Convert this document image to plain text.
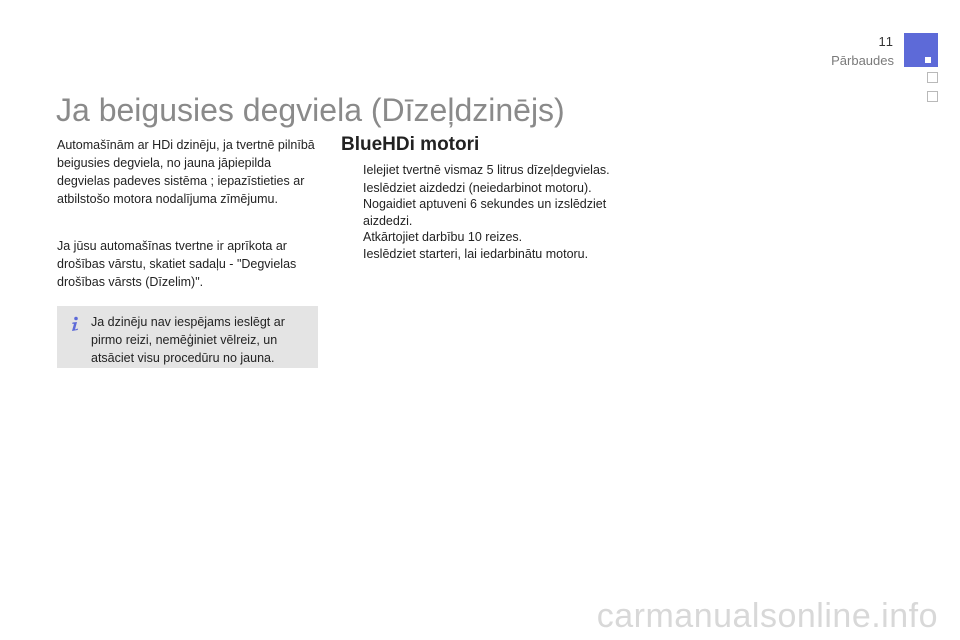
11
Pārbaudes
Ja beigusies degviela (Dīzeļdzinējs)

Automašīnām ar HDi dzinēju, ja tvertnē pilnībā beigusies degviela, no jauna jāpiepilda degvielas padeves sistēma ; iepazīstieties ar atbilstošo motora nodalījuma zīmējumu.

Ja jūsu automašīnas tvertne ir aprīkota ar drošības vārstu, skatiet sadaļu - "Degvielas drošības vārsts (Dīzelim)".

Ja dzinēju nav iespējams ieslēgt ar pirmo reizi, nemēģiniet vēlreiz, un atsāciet visu procedūru no jauna.

BlueHDi motori
Ielejiet tvertnē vismaz 5 litrus dīzeļdegvielas.
Ieslēdziet aizdedzi (neiedarbinot motoru).
Nogaidiet aptuveni 6 sekundes un izslēdziet aizdedzi.
Atkārtojiet darbību 10 reizes.
Ieslēdziet starteri, lai iedarbinātu motoru.
carmanualsonline.info
